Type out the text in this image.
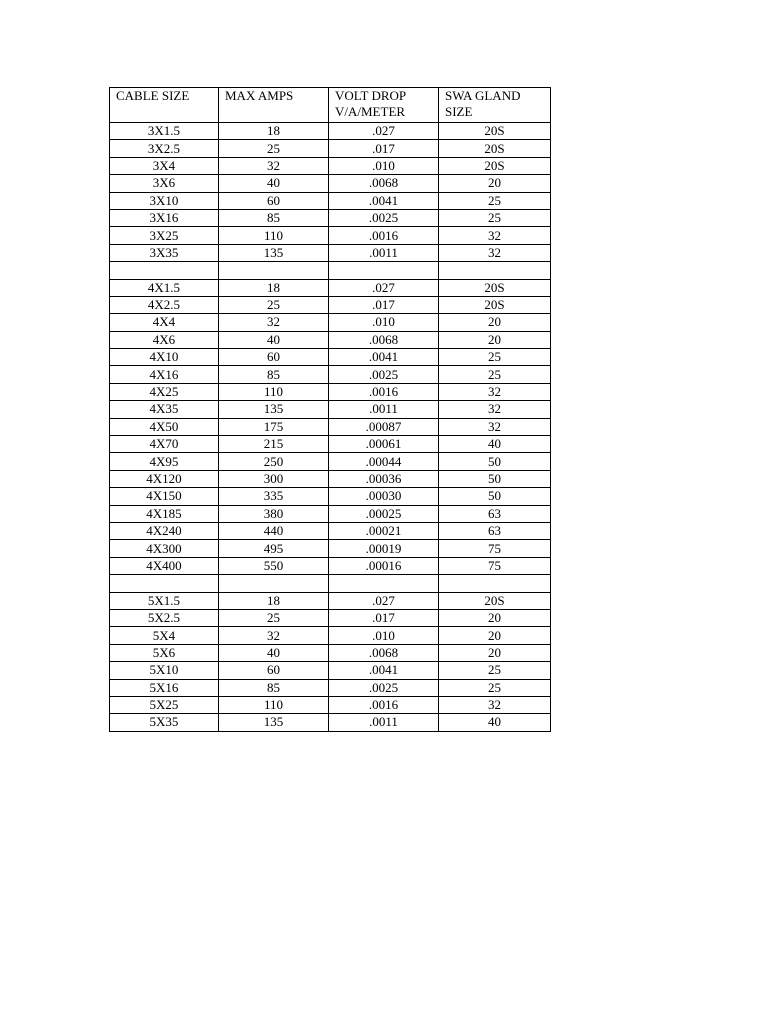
CABLE SIZE	MAX AMPS	VOLT DROP V/A/METER	SWA GLAND SIZE
3X1.5	18	.027	20S
3X2.5	25	.017	20S
3X4	32	.010	20S
3X6	40	.0068	20
3X10	60	.0041	25
3X16	85	.0025	25
3X25	110	.0016	32
3X35	135	.0011	32

4X1.5	18	.027	20S
4X2.5	25	.017	20S
4X4	32	.010	20
4X6	40	.0068	20
4X10	60	.0041	25
4X16	85	.0025	25
4X25	110	.0016	32
4X35	135	.0011	32
4X50	175	.00087	32
4X70	215	.00061	40
4X95	250	.00044	50
4X120	300	.00036	50
4X150	335	.00030	50
4X185	380	.00025	63
4X240	440	.00021	63
4X300	495	.00019	75
4X400	550	.00016	75

5X1.5	18	.027	20S
5X2.5	25	.017	20
5X4	32	.010	20
5X6	40	.0068	20
5X10	60	.0041	25
5X16	85	.0025	25
5X25	110	.0016	32
5X35	135	.0011	40
